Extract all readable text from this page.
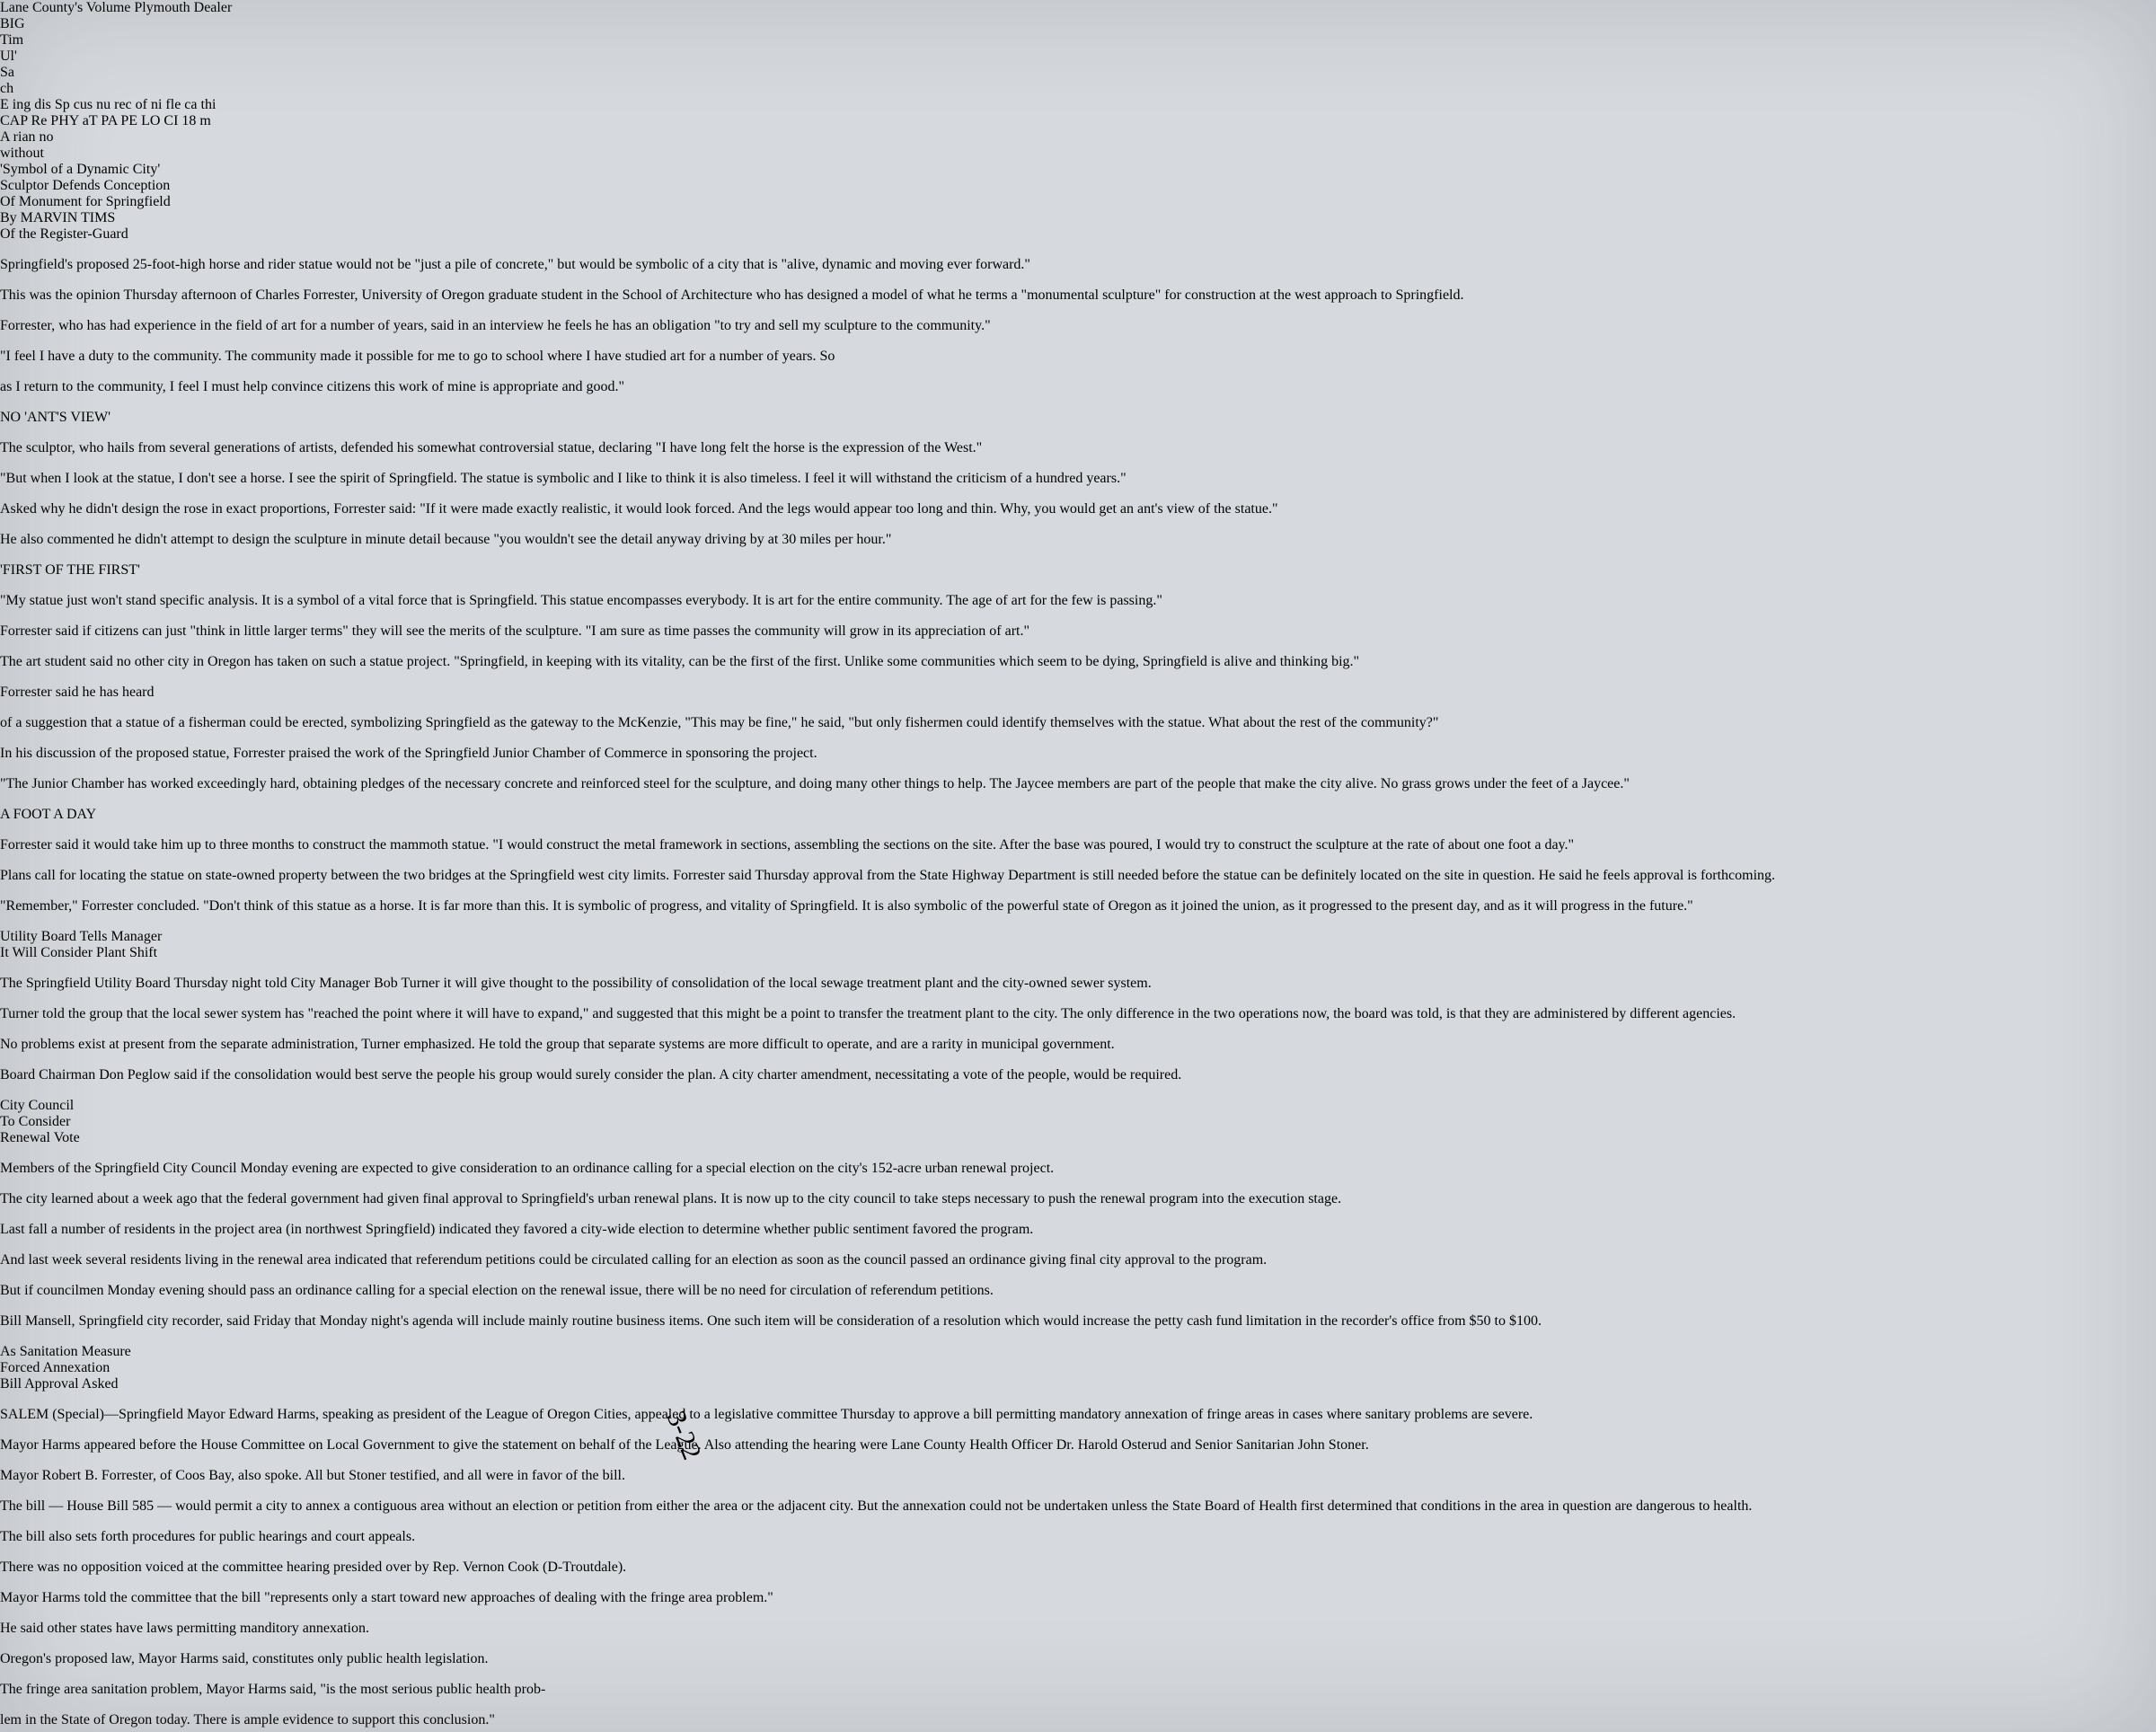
Lane County's Volume Plymouth Dealer
BIG
Tim
Ul'
Sa
ch
E ing dis Sp cus nu rec of ni fle ca thi
CAP Re PHY aT PA PE LO CI 18 m
A rian no
without
'Symbol of a Dynamic City'
Sculptor Defends Conception
Of Monument for Springfield
By MARVIN TIMS
Of the Register-Guard

Springfield's proposed 25-foot-high horse and rider statue would not be "just a pile of concrete," but would be symbolic of a city that is "alive, dynamic and moving ever forward."

This was the opinion Thursday afternoon of Charles Forrester, University of Oregon graduate student in the School of Architecture who has designed a model of what he terms a "monumental sculpture" for construction at the west approach to Springfield.

Forrester, who has had experience in the field of art for a number of years, said in an interview he feels he has an obligation "to try and sell my sculpture to the community."

"I feel I have a duty to the community. The community made it possible for me to go to school where I have studied art for a number of years. So

as I return to the community, I feel I must help convince citizens this work of mine is appropriate and good."

NO 'ANT'S VIEW'

The sculptor, who hails from several generations of artists, defended his somewhat controversial statue, declaring "I have long felt the horse is the expression of the West."

"But when I look at the statue, I don't see a horse. I see the spirit of Springfield. The statue is symbolic and I like to think it is also timeless. I feel it will withstand the criticism of a hundred years."

Asked why he didn't design the rose in exact proportions, Forrester said: "If it were made exactly realistic, it would look forced. And the legs would appear too long and thin. Why, you would get an ant's view of the statue."

He also commented he didn't attempt to design the sculpture in minute detail because "you wouldn't see the detail anyway driving by at 30 miles per hour."

'FIRST OF THE FIRST'

"My statue just won't stand specific analysis. It is a symbol of a vital force that is Springfield. This statue encompasses everybody. It is art for the entire community. The age of art for the few is passing."

Forrester said if citizens can just "think in little larger terms" they will see the merits of the sculpture. "I am sure as time passes the community will grow in its appreciation of art."

The art student said no other city in Oregon has taken on such a statue project. "Springfield, in keeping with its vitality, can be the first of the first. Unlike some communities which seem to be dying, Springfield is alive and thinking big."

Forrester said he has heard

of a suggestion that a statue of a fisherman could be erected, symbolizing Springfield as the gateway to the McKenzie, "This may be fine," he said, "but only fishermen could identify themselves with the statue. What about the rest of the community?"

In his discussion of the proposed statue, Forrester praised the work of the Springfield Junior Chamber of Commerce in sponsoring the project.

"The Junior Chamber has worked exceedingly hard, obtaining pledges of the necessary concrete and reinforced steel for the sculpture, and doing many other things to help. The Jaycee members are part of the people that make the city alive. No grass grows under the feet of a Jaycee."

A FOOT A DAY

Forrester said it would take him up to three months to construct the mammoth statue. "I would construct the metal framework in sections, assembling the sections on the site. After the base was poured, I would try to construct the sculpture at the rate of about one foot a day."

Plans call for locating the statue on state-owned property between the two bridges at the Springfield west city limits. Forrester said Thursday approval from the State Highway Department is still needed before the statue can be definitely located on the site in question. He said he feels approval is forthcoming.

"Remember," Forrester concluded. "Don't think of this statue as a horse. It is far more than this. It is symbolic of progress, and vitality of Springfield. It is also symbolic of the powerful state of Oregon as it joined the union, as it progressed to the present day, and as it will progress in the future."

Utility Board Tells Manager
It Will Consider Plant Shift

The Springfield Utility Board Thursday night told City Manager Bob Turner it will give thought to the possibility of consolidation of the local sewage treatment plant and the city-owned sewer system.

Turner told the group that the local sewer system has "reached the point where it will have to expand," and suggested that this might be a point to transfer the treatment plant to the city. The only difference in the two operations now, the board was told, is that they are administered by different agencies.

No problems exist at present from the separate administration, Turner emphasized. He told the group that separate systems are more difficult to operate, and are a rarity in municipal government.

Board Chairman Don Peglow said if the consolidation would best serve the people his group would surely consider the plan. A city charter amendment, necessitating a vote of the people, would be required.

City Council
To Consider
Renewal Vote

Members of the Springfield City Council Monday evening are expected to give consideration to an ordinance calling for a special election on the city's 152-acre urban renewal project.

The city learned about a week ago that the federal government had given final approval to Springfield's urban renewal plans. It is now up to the city council to take steps necessary to push the renewal program into the execution stage.

Last fall a number of residents in the project area (in northwest Springfield) indicated they favored a city-wide election to determine whether public sentiment favored the program.

And last week several residents living in the renewal area indicated that referendum petitions could be circulated calling for an election as soon as the council passed an ordinance giving final city approval to the program.

But if councilmen Monday evening should pass an ordinance calling for a special election on the renewal issue, there will be no need for circulation of referendum petitions.

Bill Mansell, Springfield city recorder, said Friday that Monday night's agenda will include mainly routine business items. One such item will be consideration of a resolution which would increase the petty cash fund limitation in the recorder's office from $50 to $100.

As Sanitation Measure
Forced Annexation
Bill Approval Asked

SALEM (Special)—Springfield Mayor Edward Harms, speaking as president of the League of Oregon Cities, appealed to a legislative committee Thursday to approve a bill permitting mandatory annexation of fringe areas in cases where sanitary problems are severe.

Mayor Harms appeared before the House Committee on Local Government to give the statement on behalf of the League. Also attending the hearing were Lane County Health Officer Dr. Harold Osterud and Senior Sanitarian John Stoner.

Mayor Robert B. Forrester, of Coos Bay, also spoke. All but Stoner testified, and all were in favor of the bill.

The bill — House Bill 585 — would permit a city to annex a contiguous area without an election or petition from either the area or the adjacent city. But the annexation could not be undertaken unless the State Board of Health first determined that conditions in the area in question are dangerous to health.

The bill also sets forth procedures for public hearings and court appeals.

There was no opposition voiced at the committee hearing presided over by Rep. Vernon Cook (D-Troutdale).

Mayor Harms told the committee that the bill "represents only a start toward new approaches of dealing with the fringe area problem."

He said other states have laws permitting manditory annexation.

Oregon's proposed law, Mayor Harms said, constitutes only public health legislation.

The fringe area sanitation problem, Mayor Harms said, "is the most serious public health prob-

lem in the State of Oregon today. There is ample evidence to support this conclusion."

3-22
